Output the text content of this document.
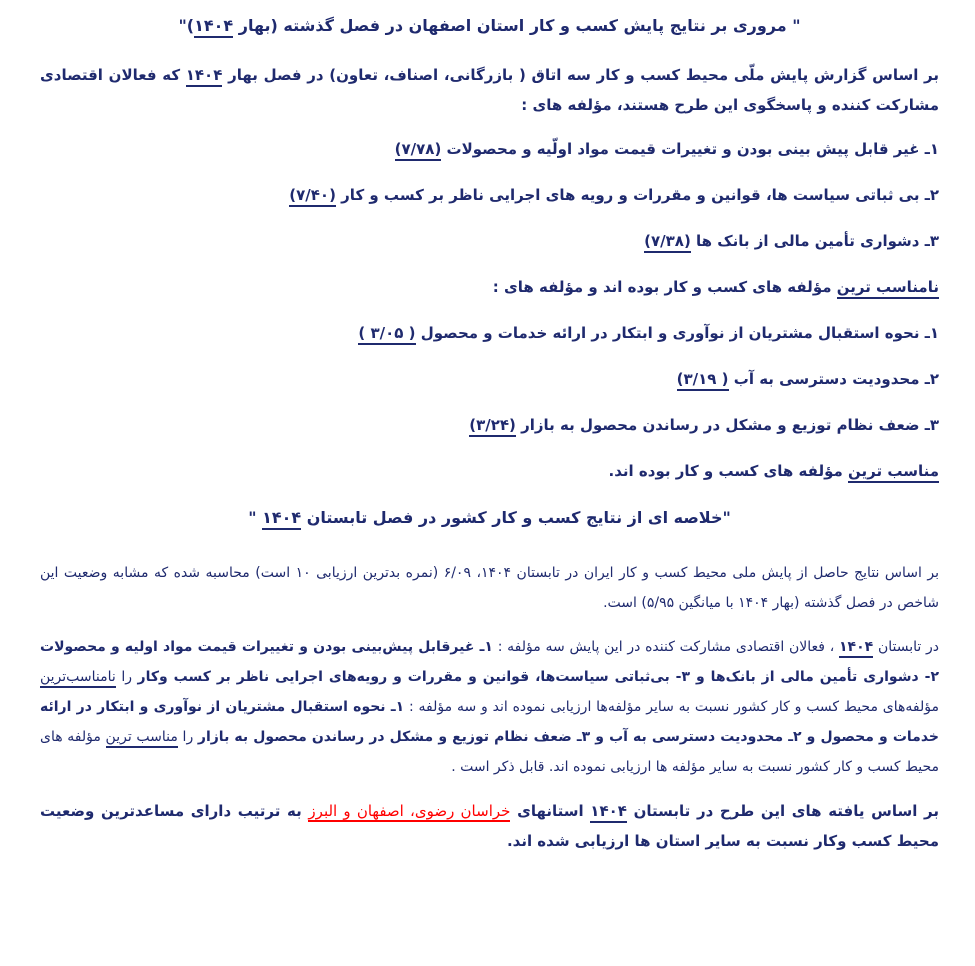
" مروری بر نتایج پایش کسب و کار استان اصفهان در فصل گذشته (بهار ۱۴۰۴)"

بر اساس گزارش پایش ملّی محیط کسب و کار سه اتاق ( بازرگانی، اصناف، تعاون) در فصل بهار ۱۴۰۴ که فعالان اقتصادی مشارکت کننده و پاسخگوی این طرح هستند، مؤلفه های :

۱ـ غیر قابل پیش بینی بودن و تغییرات قیمت مواد اولّیه و محصولات (۷/۷۸)
۲ـ بی ثباتی سیاست ها، قوانین و مقررات و رویه های اجرایی ناظر بر کسب و کار (۷/۴۰)
۳ـ دشواری تأمین مالی از بانک ها (۷/۳۸)
نامناسب ترین مؤلفه های کسب و کار بوده اند و مؤلفه های :
۱ـ نحوه استقبال مشتریان از نوآوری و ابتکار در ارائه خدمات و محصول ( ۳/۰۵ )
۲ـ محدودیت دسترسی به آب ( ۳/۱۹)
۳ـ ضعف نظام توزیع و مشکل در رساندن محصول به بازار (۳/۲۴)
مناسب ترین مؤلفه های کسب و کار بوده اند.
"خلاصه ای از نتایج کسب و کار کشور در فصل تابستان ۱۴۰۴ "

بر اساس نتایج حاصل از پایش ملی محیط کسب و کار ایران در تابستان ۱۴۰۴، ۶/۰۹ (نمره بدترین ارزیابی ۱۰ است) محاسبه شده که مشابه وضعیت این شاخص در فصل گذشته (بهار ۱۴۰۴ با میانگین ۵/۹۵) است.

در تابستان ۱۴۰۴ ، فعالان اقتصادی مشارکت کننده در این پایش سه مؤلفه : ۱ـ غیرقابل پیش‌بینی بودن و تغییرات قیمت مواد اولیه و محصولات ۲- دشواری تأمین مالی از بانک‌ها و ۳- بی‌ثباتی سیاست‌ها، قوانین و مقررات و رویه‌های اجرایی ناظر بر کسب وکار را نامناسب‌ترین مؤلفه‌های محیط کسب و کار کشور نسبت به سایر مؤلفه‌ها ارزیابی نموده اند و سه مؤلفه : ۱ـ نحوه استقبال مشتریان از نوآوری و ابتکار در ارائه خدمات و محصول و ۲ـ محدودیت دسترسی به آب و ۳ـ ضعف نظام توزیع و مشکل در رساندن محصول به بازار را مناسب ترین مؤلفه های محیط کسب و کار کشور نسبت به سایر مؤلفه ها ارزیابی نموده اند. قابل ذکر است .

بر اساس یافته های این طرح در تابستان ۱۴۰۴ استانهای خراسان رضوی، اصفهان و البرز به ترتیب دارای مساعدترین وضعیت محیط کسب وکار نسبت به سایر استان ها ارزیابی شده اند.
